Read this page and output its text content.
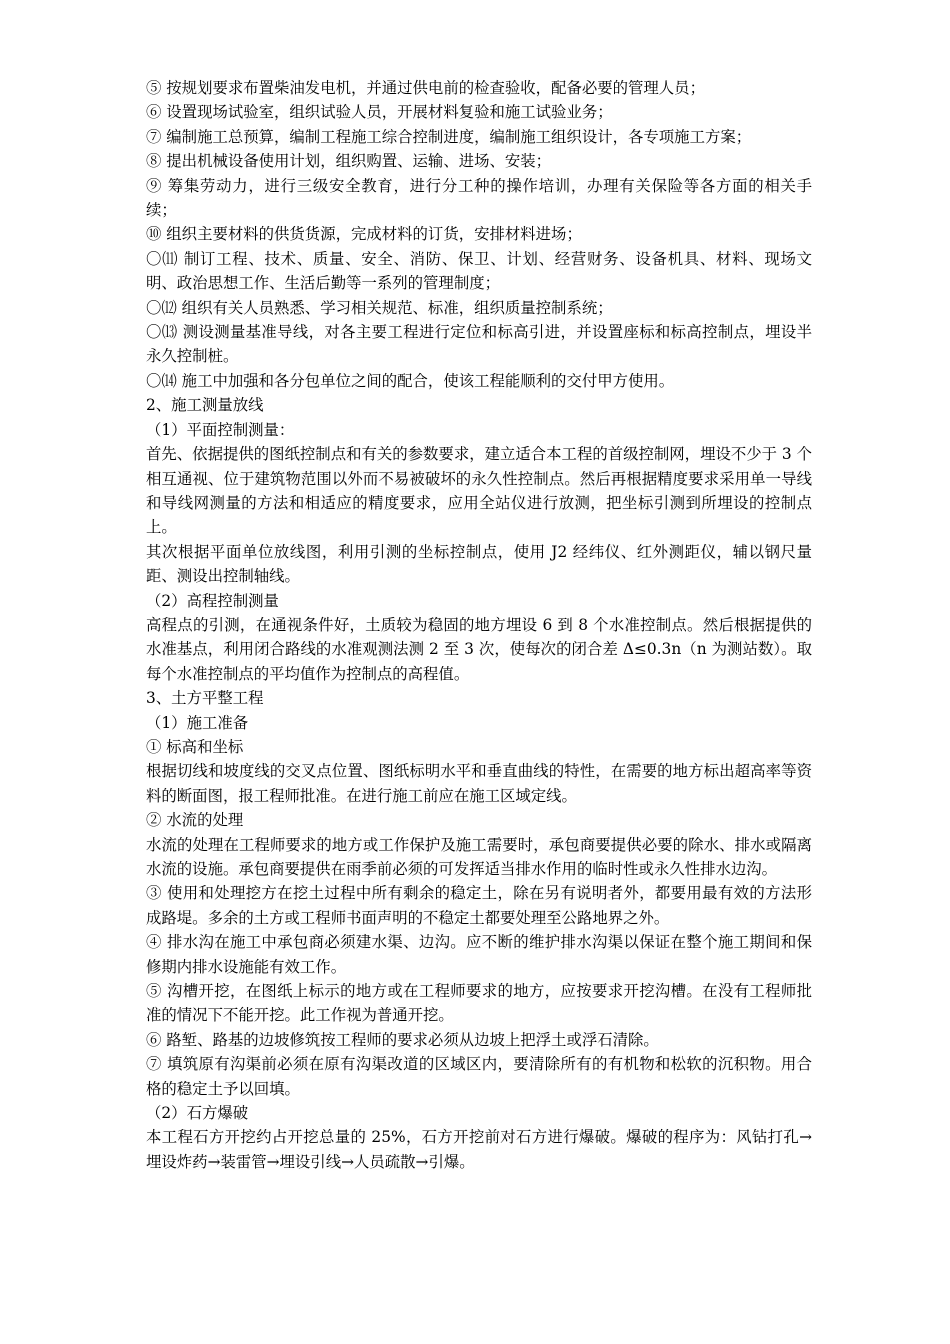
⑤ 按规划要求布置柴油发电机，并通过供电前的检查验收，配备必要的管理人员；

⑥ 设置现场试验室，组织试验人员，开展材料复验和施工试验业务；

⑦ 编制施工总预算，编制工程施工综合控制进度，编制施工组织设计，各专项施工方案；

⑧ 提出机械设备使用计划，组织购置、运输、进场、安装；

⑨ 筹集劳动力，进行三级安全教育，进行分工种的操作培训，办理有关保险等各方面的相关手续；

⑩ 组织主要材料的供货货源，完成材料的订货，安排材料进场；

〇⑾ 制订工程、技术、质量、安全、消防、保卫、计划、经营财务、设备机具、材料、现场文明、政治思想工作、生活后勤等一系列的管理制度；

〇⑿ 组织有关人员熟悉、学习相关规范、标准，组织质量控制系统；

〇⒀ 测设测量基准导线，对各主要工程进行定位和标高引进，并设置座标和标高控制点，埋设半永久控制桩。

〇⒁ 施工中加强和各分包单位之间的配合，使该工程能顺利的交付甲方使用。

2、施工测量放线

（1）平面控制测量：

首先、依据提供的图纸控制点和有关的参数要求，建立适合本工程的首级控制网，埋设不少于 3 个相互通视、位于建筑物范围以外而不易被破坏的永久性控制点。然后再根据精度要求采用单一导线和导线网测量的方法和相适应的精度要求，应用全站仪进行放测，把坐标引测到所埋设的控制点上。

其次根据平面单位放线图，利用引测的坐标控制点，使用 J2 经纬仪、红外测距仪，辅以钢尺量距、测设出控制轴线。

（2）高程控制测量

高程点的引测，在通视条件好，土质较为稳固的地方埋设 6 到 8 个水准控制点。然后根据提供的水准基点，利用闭合路线的水准观测法测 2 至 3 次，使每次的闭合差 Δ≤0.3n（n 为测站数）。取每个水准控制点的平均值作为控制点的高程值。

3、土方平整工程

（1）施工准备

① 标高和坐标

根据切线和坡度线的交叉点位置、图纸标明水平和垂直曲线的特性，在需要的地方标出超高率等资料的断面图，报工程师批准。在进行施工前应在施工区域定线。

② 水流的处理

水流的处理在工程师要求的地方或工作保护及施工需要时，承包商要提供必要的除水、排水或隔离水流的设施。承包商要提供在雨季前必须的可发挥适当排水作用的临时性或永久性排水边沟。

③ 使用和处理挖方在挖土过程中所有剩余的稳定土，除在另有说明者外，都要用最有效的方法形成路堤。多余的土方或工程师书面声明的不稳定土都要处理至公路地界之外。

④ 排水沟在施工中承包商必须建水渠、边沟。应不断的维护排水沟渠以保证在整个施工期间和保修期内排水设施能有效工作。

⑤ 沟槽开挖，在图纸上标示的地方或在工程师要求的地方，应按要求开挖沟槽。在没有工程师批准的情况下不能开挖。此工作视为普通开挖。

⑥ 路堑、路基的边坡修筑按工程师的要求必须从边坡上把浮土或浮石清除。

⑦ 填筑原有沟渠前必须在原有沟渠改道的区域区内，要清除所有的有机物和松软的沉积物。用合格的稳定土予以回填。

（2）石方爆破

本工程石方开挖约占开挖总量的 25%，石方开挖前对石方进行爆破。爆破的程序为：风钻打孔→埋设炸药→装雷管→埋设引线→人员疏散→引爆。
